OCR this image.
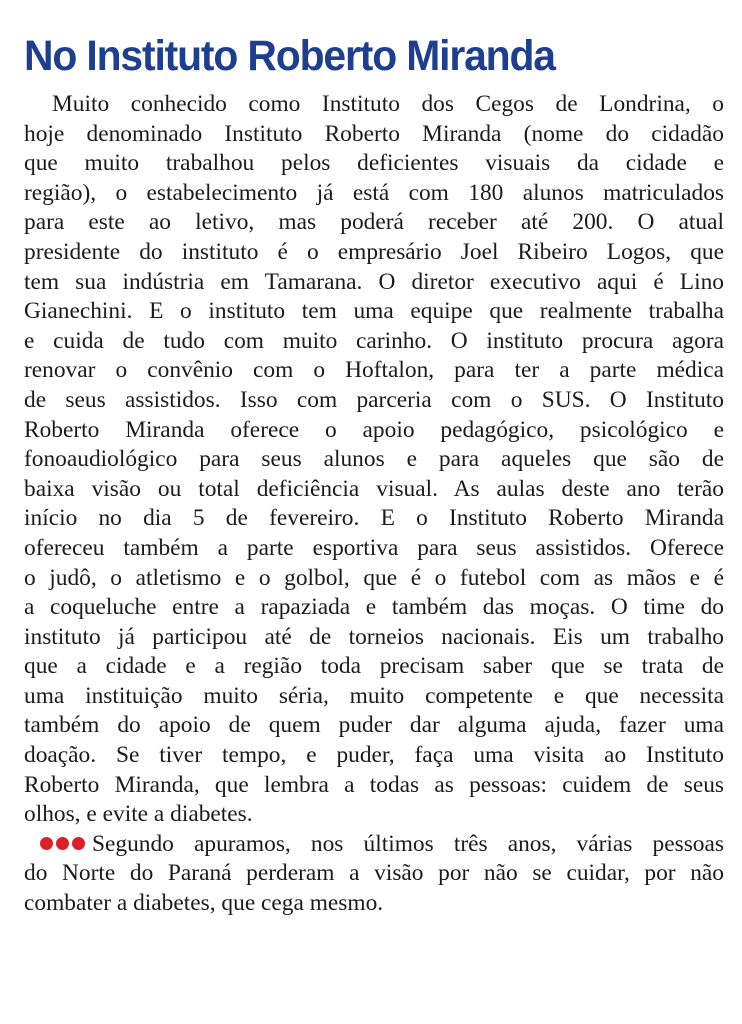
No Instituto Roberto Miranda
Muito conhecido como Instituto dos Cegos de Londrina, o
hoje denominado Instituto Roberto Miranda (nome do cidadão
que muito trabalhou pelos deficientes visuais da cidade e
região), o estabelecimento já está com 180 alunos matriculados
para este ao letivo, mas poderá receber até 200. O atual
presidente do instituto é o empresário Joel Ribeiro Logos, que
tem sua indústria em Tamarana. O diretor executivo aqui é Lino
Gianechini. E o instituto tem uma equipe que realmente trabalha
e cuida de tudo com muito carinho. O instituto procura agora
renovar o convênio com o Hoftalon, para ter a parte médica
de seus assistidos. Isso com parceria com o SUS. O Instituto
Roberto Miranda oferece o apoio pedagógico, psicológico e
fonoaudiológico para seus alunos e para aqueles que são de
baixa visão ou total deficiência visual. As aulas deste ano terão
início no dia 5 de fevereiro. E o Instituto Roberto Miranda
ofereceu também a parte esportiva para seus assistidos. Oferece
o judô, o atletismo e o golbol, que é o futebol com as mãos e é
a coqueluche entre a rapaziada e também das moças. O time do
instituto já participou até de torneios nacionais. Eis um trabalho
que a cidade e a região toda precisam saber que se trata de
uma instituição muito séria, muito competente e que necessita
também do apoio de quem puder dar alguma ajuda, fazer uma
doação. Se tiver tempo, e puder, faça uma visita ao Instituto
Roberto Miranda, que lembra a todas as pessoas: cuidem de seus
olhos, e evite a diabetes.
Segundo apuramos, nos últimos três anos, várias pessoas
do Norte do Paraná perderam a visão por não se cuidar, por não
combater a diabetes, que cega mesmo.
